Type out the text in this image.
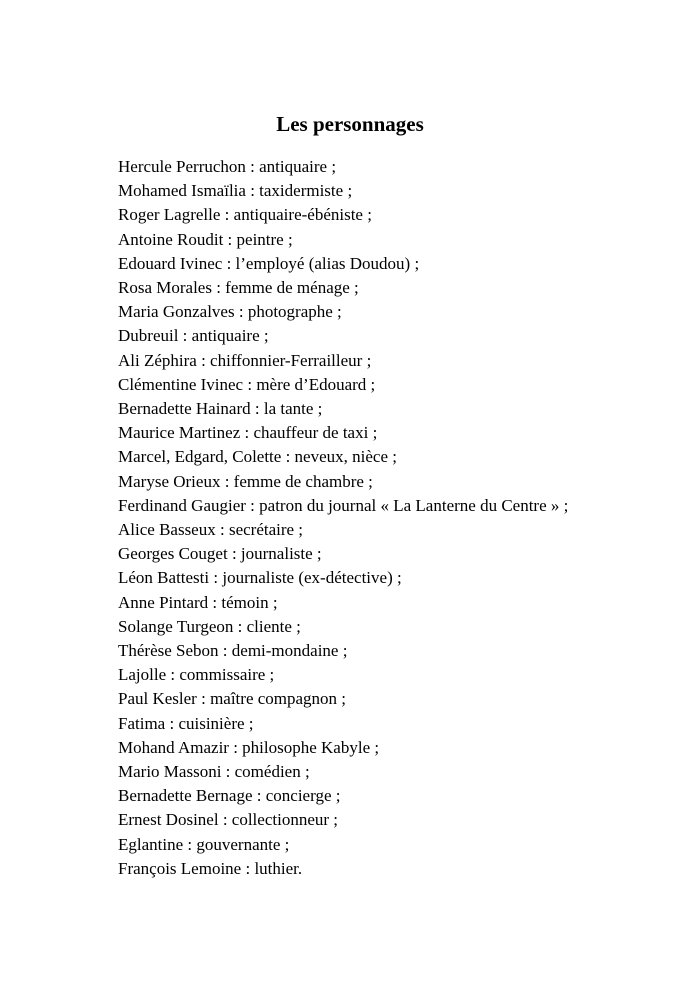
Les personnages
Hercule Perruchon : antiquaire ;
Mohamed Ismaïlia : taxidermiste ;
Roger Lagrelle : antiquaire-ébéniste ;
Antoine Roudit : peintre ;
Edouard Ivinec : l’employé (alias Doudou) ;
Rosa Morales : femme de ménage ;
Maria Gonzalves : photographe ;
Dubreuil : antiquaire ;
Ali Zéphira : chiffonnier-Ferrailleur ;
Clémentine Ivinec : mère d’Edouard ;
Bernadette Hainard : la tante ;
Maurice Martinez : chauffeur de taxi ;
Marcel, Edgard, Colette : neveux, nièce ;
Maryse Orieux : femme de chambre ;
Ferdinand Gaugier : patron du journal « La Lanterne du Centre » ;
Alice Basseux : secrétaire ;
Georges Couget : journaliste ;
Léon Battesti : journaliste (ex-détective) ;
Anne Pintard : témoin ;
Solange Turgeon : cliente ;
Thérèse Sebon : demi-mondaine ;
Lajolle : commissaire ;
Paul Kesler : maître compagnon ;
Fatima : cuisinière ;
Mohand Amazir : philosophe Kabyle ;
Mario Massoni : comédien ;
Bernadette Bernage : concierge ;
Ernest Dosinel : collectionneur ;
Eglantine : gouvernante ;
François Lemoine : luthier.
